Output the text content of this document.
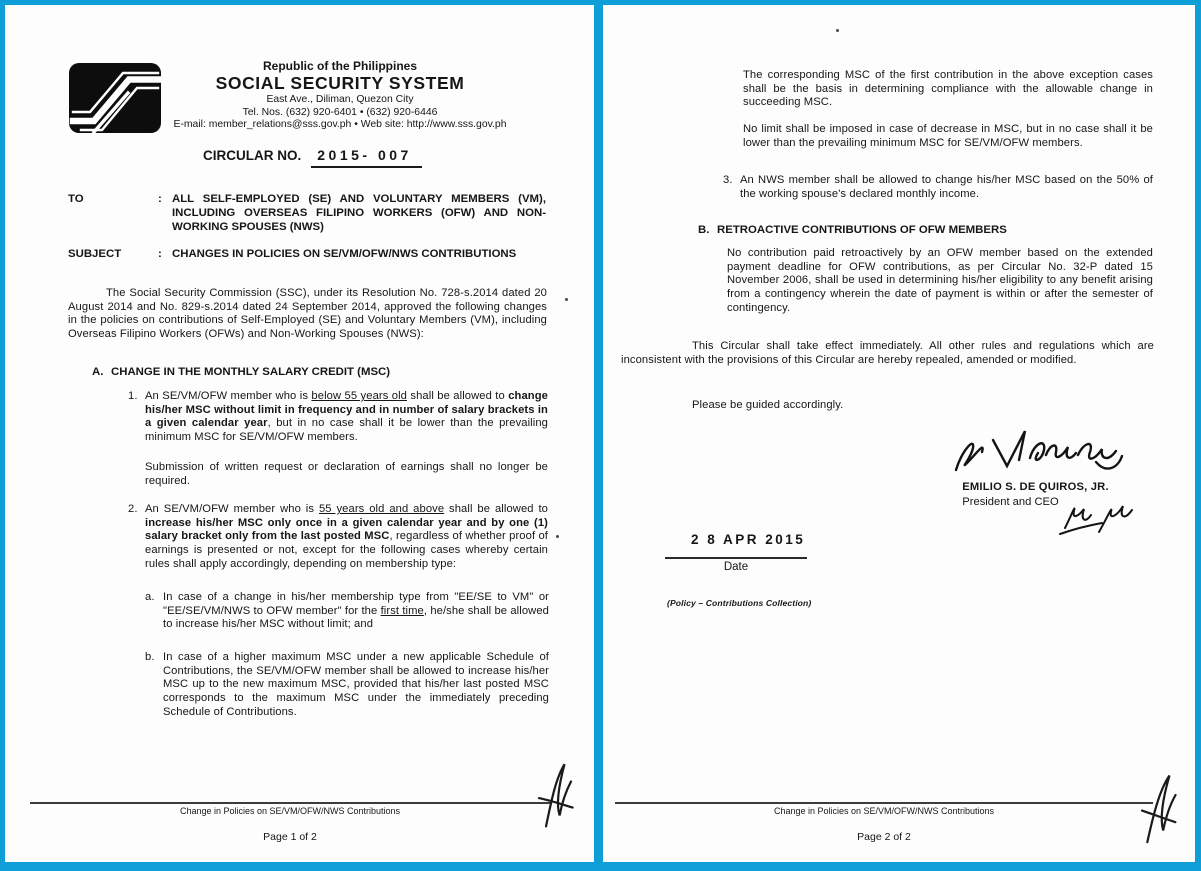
Republic of the Philippines
SOCIAL SECURITY SYSTEM
East Ave., Diliman, Quezon City
Tel. Nos. (632) 920-6401 • (632) 920-6446
E-mail: member_relations@sss.gov.ph • Web site: http://www.sss.gov.ph
CIRCULAR NO. 2015- 007
TO	: ALL SELF-EMPLOYED (SE) AND VOLUNTARY MEMBERS (VM), INCLUDING OVERSEAS FILIPINO WORKERS (OFW) AND NON-WORKING SPOUSES (NWS)
SUBJECT	: CHANGES IN POLICIES ON SE/VM/OFW/NWS CONTRIBUTIONS

The Social Security Commission (SSC), under its Resolution No. 728-s.2014 dated 20 August 2014 and No. 829-s.2014 dated 24 September 2014, approved the following changes in the policies on contributions of Self-Employed (SE) and Voluntary Members (VM), including Overseas Filipino Workers (OFWs) and Non-Working Spouses (NWS):

A. CHANGE IN THE MONTHLY SALARY CREDIT (MSC)
1. An SE/VM/OFW member who is below 55 years old shall be allowed to change his/her MSC without limit in frequency and in number of salary brackets in a given calendar year, but in no case shall it be lower than the prevailing minimum MSC for SE/VM/OFW members.

Submission of written request or declaration of earnings shall no longer be required.

2. An SE/VM/OFW member who is 55 years old and above shall be allowed to increase his/her MSC only once in a given calendar year and by one (1) salary bracket only from the last posted MSC, regardless of whether proof of earnings is presented or not, except for the following cases whereby certain rules shall apply accordingly, depending on membership type:
a. In case of a change in his/her membership type from "EE/SE to VM" or "EE/SE/VM/NWS to OFW member" for the first time, he/she shall be allowed to increase his/her MSC without limit; and
b. In case of a higher maximum MSC under a new applicable Schedule of Contributions, the SE/VM/OFW member shall be allowed to increase his/her MSC up to the new maximum MSC, provided that his/her last posted MSC corresponds to the maximum MSC under the immediately preceding Schedule of Contributions.
Change in Policies on SE/VM/OFW/NWS Contributions
Page 1 of 2

The corresponding MSC of the first contribution in the above exception cases shall be the basis in determining compliance with the allowable change in succeeding MSC.

No limit shall be imposed in case of decrease in MSC, but in no case shall it be lower than the prevailing minimum MSC for SE/VM/OFW members.

3. An NWS member shall be allowed to change his/her MSC based on the 50% of the working spouse's declared monthly income.
B. RETROACTIVE CONTRIBUTIONS OF OFW MEMBERS

No contribution paid retroactively by an OFW member based on the extended payment deadline for OFW contributions, as per Circular No. 32-P dated 15 November 2006, shall be used in determining his/her eligibility to any benefit arising from a contingency wherein the date of payment is within or after the semester of contingency.

This Circular shall take effect immediately. All other rules and regulations which are inconsistent with the provisions of this Circular are hereby repealed, amended or modified.

Please be guided accordingly.

EMILIO S. DE QUIROS, JR.
President and CEO
2 8 APR 2015
Date
(Policy – Contributions Collection)
Change in Policies on SE/VM/OFW/NWS Contributions
Page 2 of 2
